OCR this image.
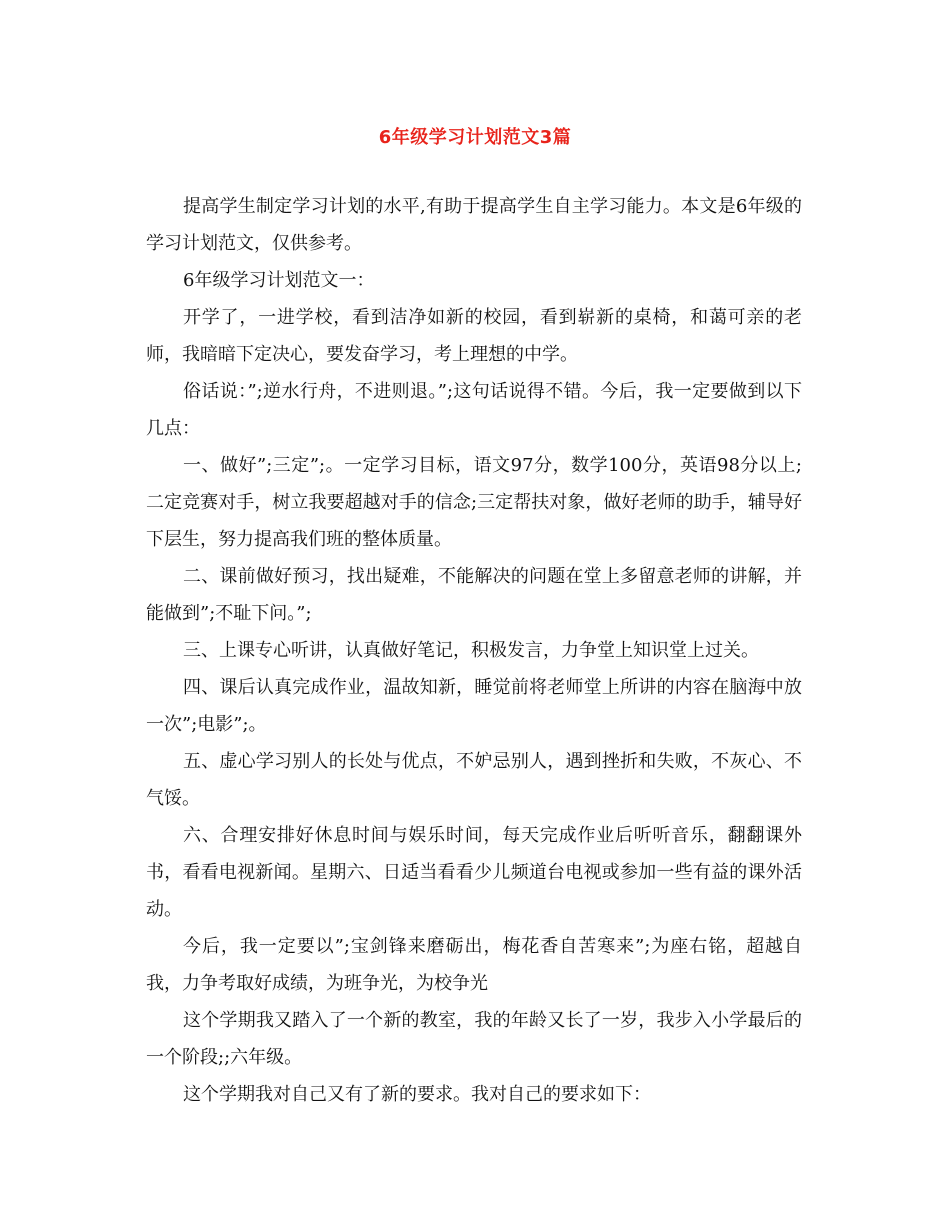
6年级学习计划范文3篇

提高学生制定学习计划的水平,有助于提高学生自主学习能力。本文是6年级的学习计划范文，仅供参考。

6年级学习计划范文一：

开学了，一进学校，看到洁净如新的校园，看到崭新的桌椅，和蔼可亲的老师，我暗暗下定决心，要发奋学习，考上理想的中学。

俗话说：”;逆水行舟，不进则退。”;这句话说得不错。今后，我一定要做到以下几点：

一、做好”;三定”;。一定学习目标，语文97分，数学100分，英语98分以上;二定竞赛对手，树立我要超越对手的信念;三定帮扶对象，做好老师的助手，辅导好下层生，努力提高我们班的整体质量。

二、课前做好预习，找出疑难，不能解决的问题在堂上多留意老师的讲解，并能做到”;不耻下问。”;

三、上课专心听讲，认真做好笔记，积极发言，力争堂上知识堂上过关。

四、课后认真完成作业，温故知新，睡觉前将老师堂上所讲的内容在脑海中放一次”;电影”;。

五、虚心学习别人的长处与优点，不妒忌别人，遇到挫折和失败，不灰心、不气馁。

六、合理安排好休息时间与娱乐时间，每天完成作业后听听音乐，翻翻课外书，看看电视新闻。星期六、日适当看看少儿频道台电视或参加一些有益的课外活动。

今后，我一定要以”;宝剑锋来磨砺出，梅花香自苦寒来”;为座右铭，超越自我，力争考取好成绩，为班争光，为校争光

这个学期我又踏入了一个新的教室，我的年龄又长了一岁，我步入小学最后的一个阶段;;六年级。

这个学期我对自己又有了新的要求。我对自己的要求如下：
